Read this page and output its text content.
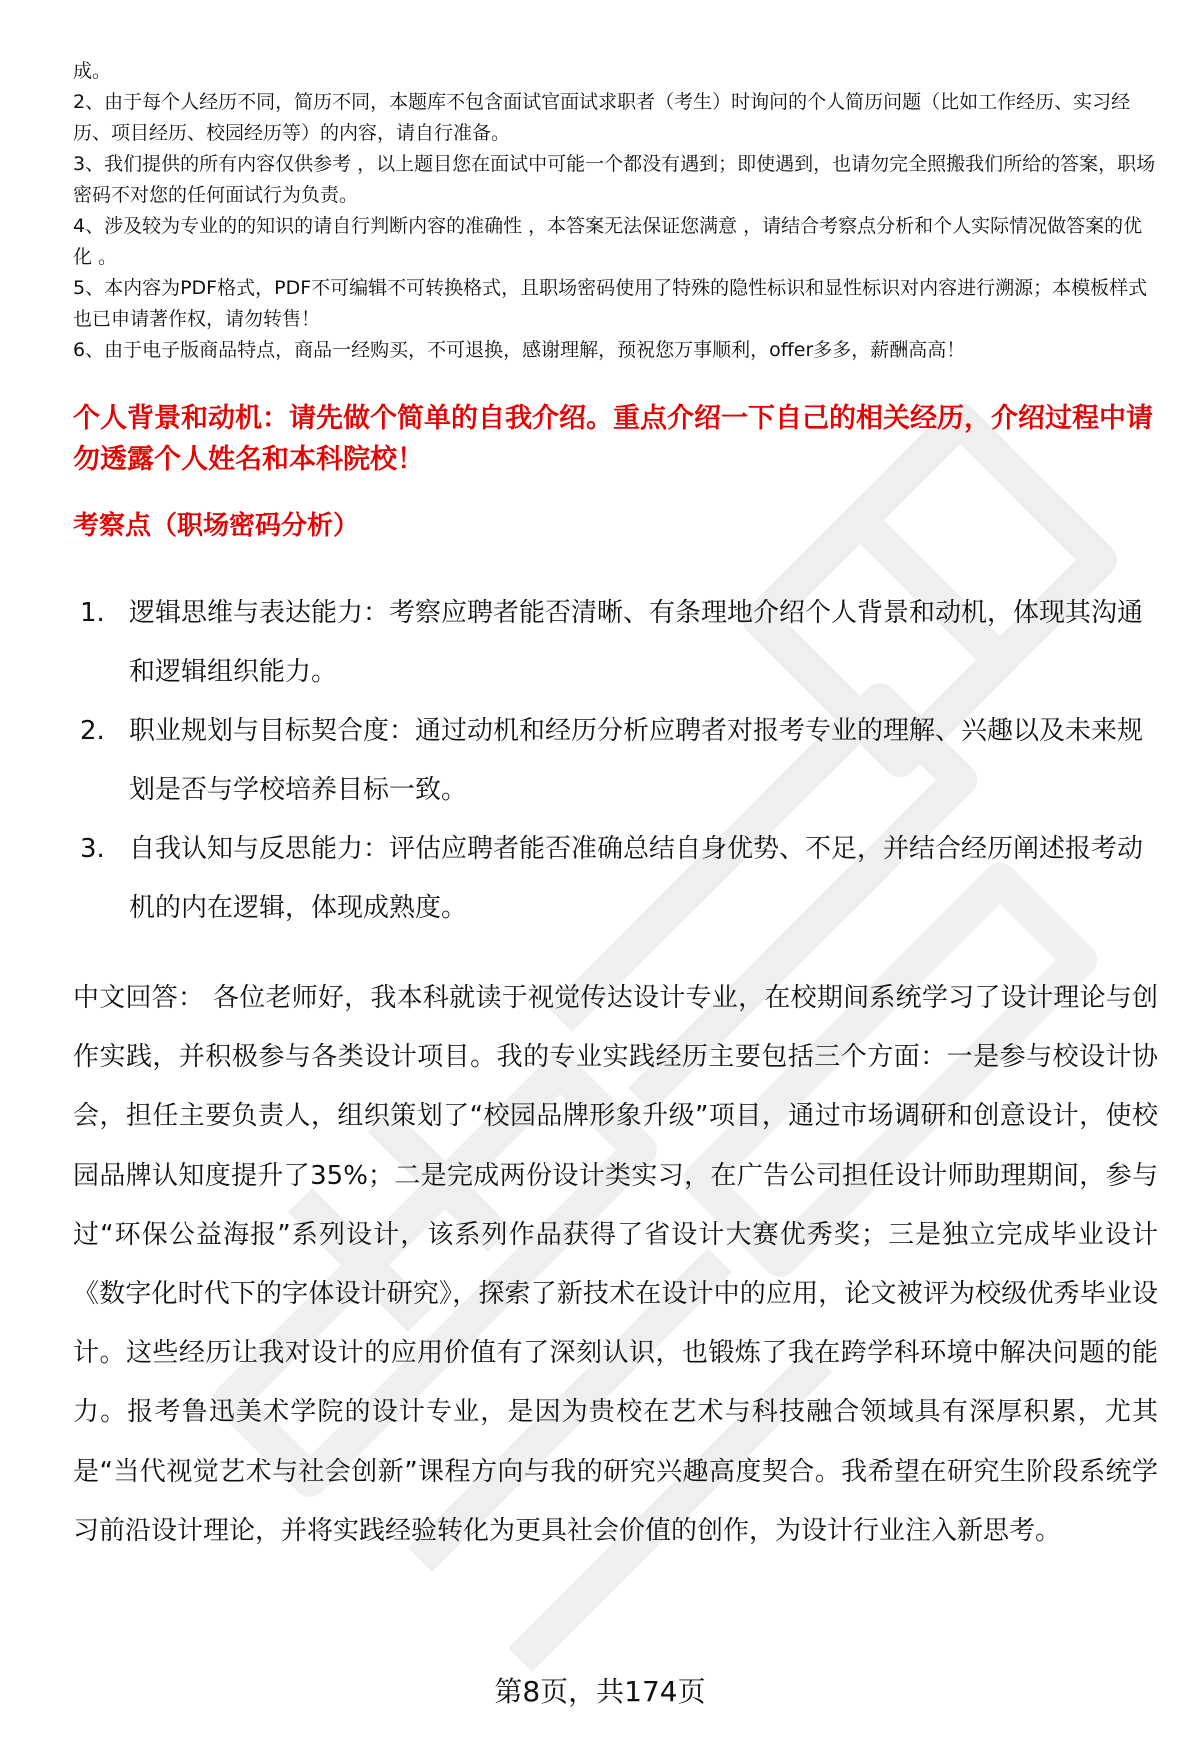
成。

2、由于每个人经历不同，简历不同，本题库不包含面试官面试求职者（考生）时询问的个人简历问题（比如工作经历、实习经历、项目经历、校园经历等）的内容，请自行准备。

3、我们提供的所有内容仅供参考 ，以上题目您在面试中可能一个都没有遇到；即使遇到，也请勿完全照搬我们所给的答案，职场密码不对您的任何面试行为负责。

4、涉及较为专业的的知识的请自行判断内容的准确性 ，本答案无法保证您满意 ，请结合考察点分析和个人实际情况做答案的优化 。

5、本内容为PDF格式，PDF不可编辑不可转换格式，且职场密码使用了特殊的隐性标识和显性标识对内容进行溯源；本模板样式也已申请著作权，请勿转售！

6、由于电子版商品特点，商品一经购买，不可退换，感谢理解，预祝您万事顺利，offer多多，薪酬高高！

个人背景和动机：请先做个简单的自我介绍。重点介绍一下自己的相关经历，介绍过程中请勿透露个人姓名和本科院校！

考察点（职场密码分析）

1. 逻辑思维与表达能力：考察应聘者能否清晰、有条理地介绍个人背景和动机，体现其沟通和逻辑组织能力。
2. 职业规划与目标契合度：通过动机和经历分析应聘者对报考专业的理解、兴趣以及未来规划是否与学校培养目标一致。
3. 自我认知与反思能力：评估应聘者能否准确总结自身优势、不足，并结合经历阐述报考动机的内在逻辑，体现成熟度。

中文回答： 各位老师好，我本科就读于视觉传达设计专业，在校期间系统学习了设计理论与创作实践，并积极参与各类设计项目。我的专业实践经历主要包括三个方面：一是参与校设计协会，担任主要负责人，组织策划了“校园品牌形象升级”项目，通过市场调研和创意设计，使校园品牌认知度提升了35%；二是完成两份设计类实习，在广告公司担任设计师助理期间，参与过“环保公益海报”系列设计，该系列作品获得了省设计大赛优秀奖；三是独立完成毕业设计《数字化时代下的字体设计研究》，探索了新技术在设计中的应用，论文被评为校级优秀毕业设计。这些经历让我对设计的应用价值有了深刻认识，也锻炼了我在跨学科环境中解决问题的能力。报考鲁迅美术学院的设计专业，是因为贵校在艺术与科技融合领域具有深厚积累，尤其是“当代视觉艺术与社会创新”课程方向与我的研究兴趣高度契合。我希望在研究生阶段系统学习前沿设计理论，并将实践经验转化为更具社会价值的创作，为设计行业注入新思考。

第8页，共174页
